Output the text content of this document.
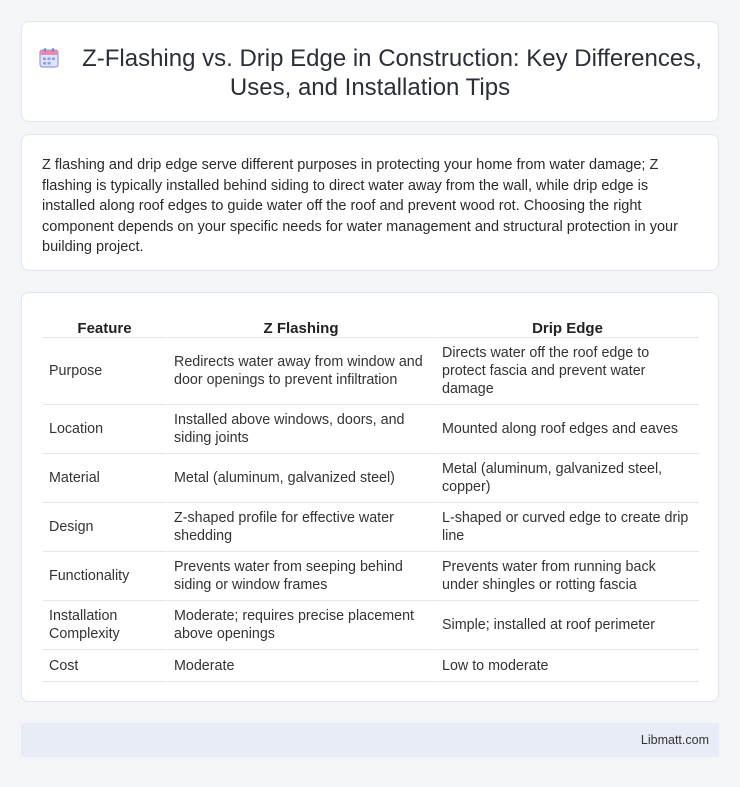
Z-Flashing vs. Drip Edge in Construction: Key Differences, Uses, and Installation Tips

Z flashing and drip edge serve different purposes in protecting your home from water damage; Z flashing is typically installed behind siding to direct water away from the wall, while drip edge is installed along roof edges to guide water off the roof and prevent wood rot. Choosing the right component depends on your specific needs for water management and structural protection in your building project.

Feature	Z Flashing	Drip Edge
Purpose	Redirects water away from window and door openings to prevent infiltration	Directs water off the roof edge to protect fascia and prevent water damage
Location	Installed above windows, doors, and siding joints	Mounted along roof edges and eaves
Material	Metal (aluminum, galvanized steel)	Metal (aluminum, galvanized steel, copper)
Design	Z-shaped profile for effective water shedding	L-shaped or curved edge to create drip line
Functionality	Prevents water from seeping behind siding or window frames	Prevents water from running back under shingles or rotting fascia
Installation Complexity	Moderate; requires precise placement above openings	Simple; installed at roof perimeter
Cost	Moderate	Low to moderate
Libmatt.com
